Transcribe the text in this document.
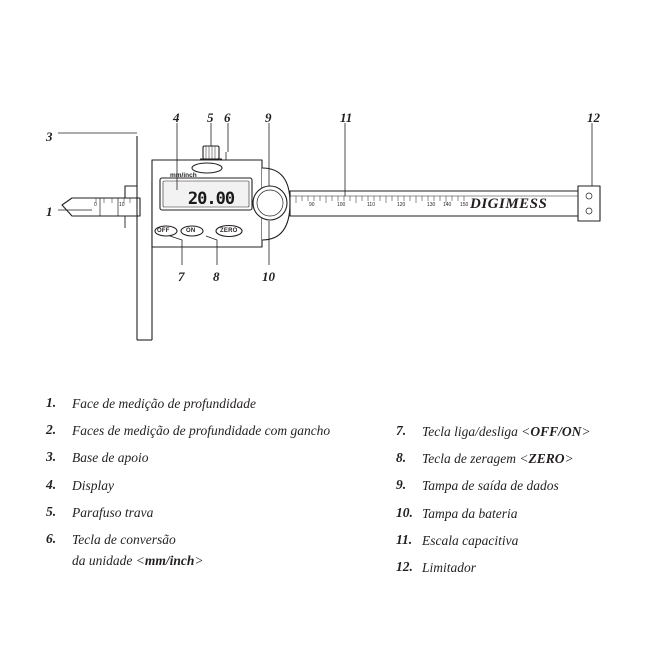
mm/inch
20.00
OFF	ON	ZERO
DIGIMESS
0	10	90	100	110	120	130 140 150
3
1
4 5 6
7 8
9
10
11	12
1.	Face de medição de profundidade
2.	Faces de medição de profundidade com gancho
3.	Base de apoio
4.	Display
5.	Parafuso trava
6.	Tecla de conversão
da unidade <mm/inch>
7.	Tecla liga/desliga <OFF/ON>
8.	Tecla de zeragem <ZERO>
9.	Tampa de saída de dados
10. Tampa da bateria
11. Escala capacitiva
12. Limitador
